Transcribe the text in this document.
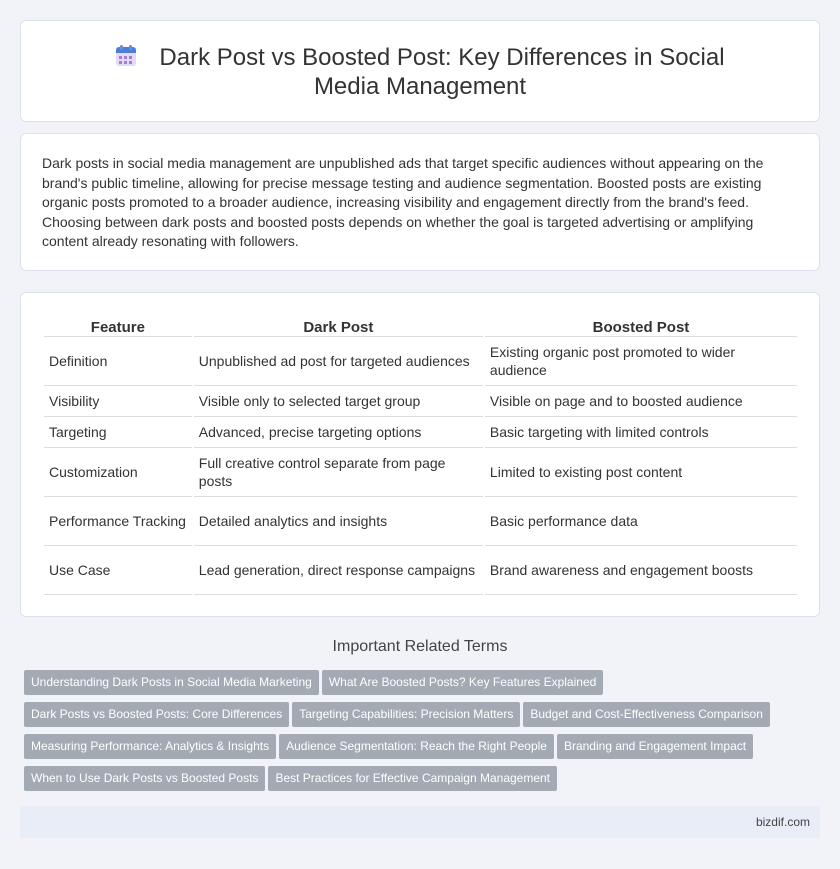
Dark Post vs Boosted Post: Key Differences in Social Media Management

Dark posts in social media management are unpublished ads that target specific audiences without appearing on the brand's public timeline, allowing for precise message testing and audience segmentation. Boosted posts are existing organic posts promoted to a broader audience, increasing visibility and engagement directly from the brand's feed. Choosing between dark posts and boosted posts depends on whether the goal is targeted advertising or amplifying content already resonating with followers.

Feature	Dark Post	Boosted Post
Definition	Unpublished ad post for targeted audiences	Existing organic post promoted to wider audience
Visibility	Visible only to selected target group	Visible on page and to boosted audience
Targeting	Advanced, precise targeting options	Basic targeting with limited controls
Customization	Full creative control separate from page posts	Limited to existing post content
Performance Tracking	Detailed analytics and insights	Basic performance data
Use Case	Lead generation, direct response campaigns	Brand awareness and engagement boosts
Important Related Terms
Understanding Dark Posts in Social Media Marketing What Are Boosted Posts? Key Features Explained
Dark Posts vs Boosted Posts: Core Differences Targeting Capabilities: Precision Matters Budget and Cost-Effectiveness Comparison
Measuring Performance: Analytics & Insights Audience Segmentation: Reach the Right People Branding and Engagement Impact
When to Use Dark Posts vs Boosted Posts Best Practices for Effective Campaign Management
bizdif.com
